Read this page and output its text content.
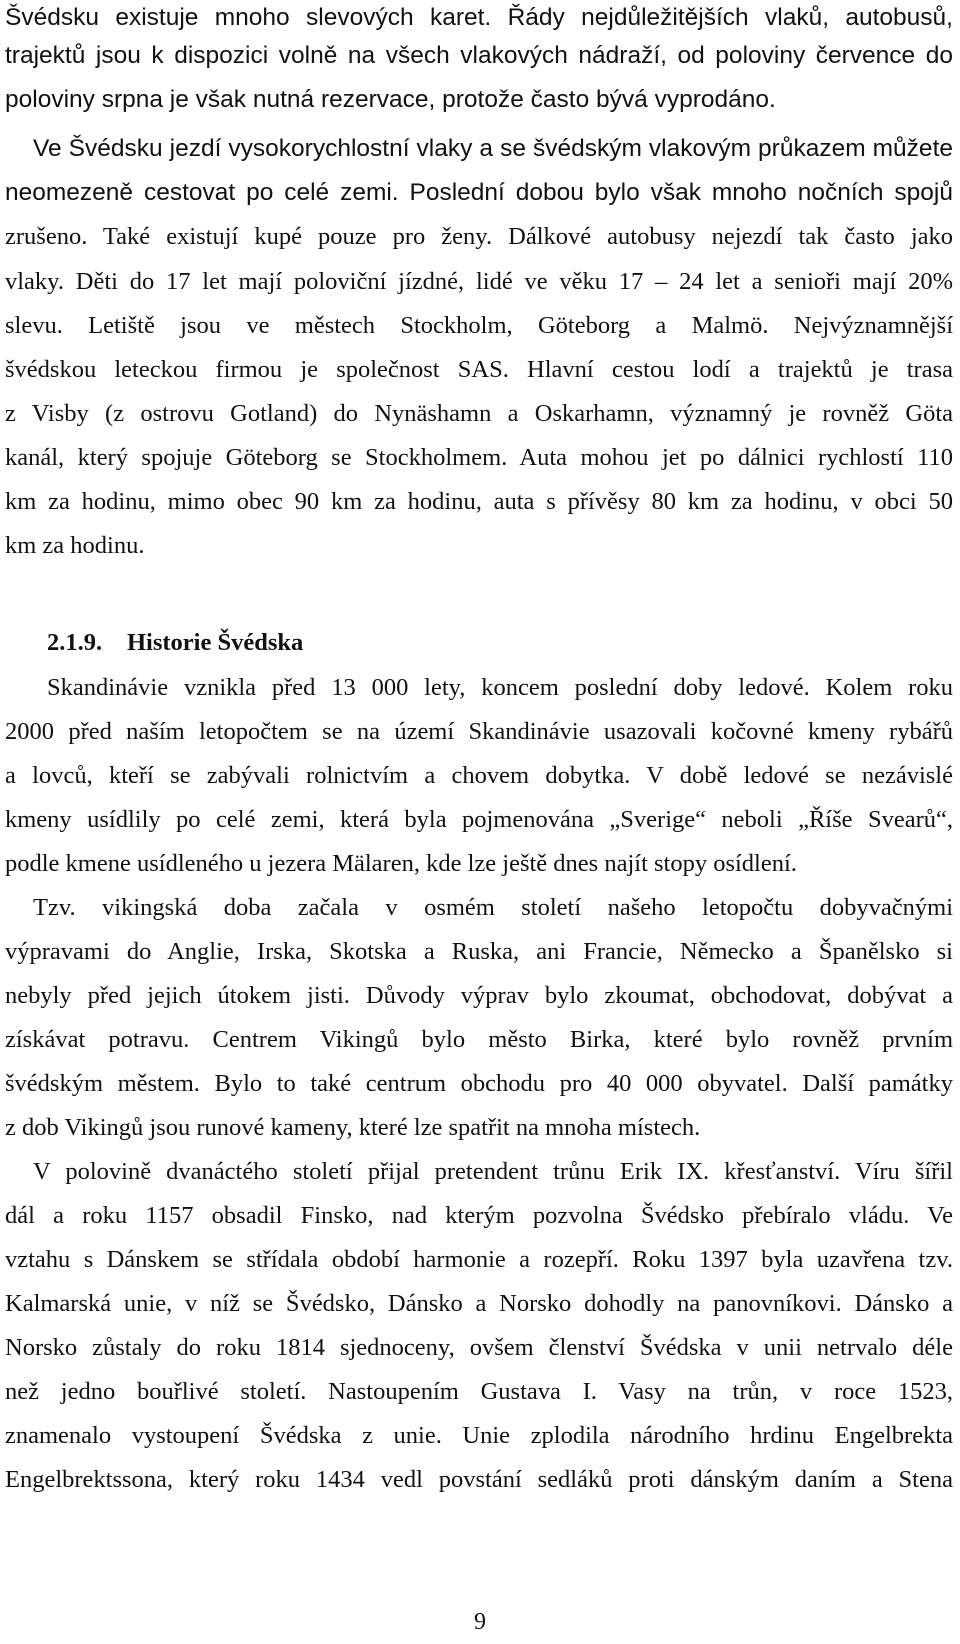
Švédsku existuje mnoho slevových karet. Řády nejdůležitějších vlaků, autobusů,
trajektů jsou k dispozici volně na všech vlakových nádraží, od poloviny července do
poloviny srpna je však nutná rezervace, protože často bývá vyprodáno.
Ve Švédsku jezdí vysokorychlostní vlaky a se švédským vlakovým průkazem můžete
neomezeně cestovat po celé zemi. Poslední dobou bylo však mnoho nočních spojů
zrušeno. Také existují kupé pouze pro ženy. Dálkové autobusy nejezdí tak často jako
vlaky. Děti do 17 let mají poloviční jízdné, lidé ve věku 17 – 24 let a senioři mají 20%
slevu. Letiště jsou ve městech Stockholm, Göteborg a Malmö. Nejvýznamnější
švédskou leteckou firmou je společnost SAS. Hlavní cestou lodí a trajektů je trasa
z Visby (z ostrovu Gotland) do Nynäshamn a Oskarhamn, významný je rovněž Göta
kanál, který spojuje Göteborg se Stockholmem. Auta mohou jet po dálnici rychlostí 110
km za hodinu, mimo obec 90 km za hodinu, auta s přívěsy 80 km za hodinu, v obci 50
km za hodinu.
2.1.9. Historie Švédska
Skandinávie vznikla před 13 000 lety, koncem poslední doby ledové. Kolem roku
2000 před naším letopočtem se na území Skandinávie usazovali kočovné kmeny rybářů
a lovců, kteří se zabývali rolnictvím a chovem dobytka. V době ledové se nezávislé
kmeny usídlily po celé zemi, která byla pojmenována „Sverige“ neboli „Říše Svearů“,
podle kmene usídleného u jezera Mälaren, kde lze ještě dnes najít stopy osídlení.
Tzv. vikingská doba začala v osmém století našeho letopočtu dobyvačnými
výpravami do Anglie, Irska, Skotska a Ruska, ani Francie, Německo a Španělsko si
nebyly před jejich útokem jisti. Důvody výprav bylo zkoumat, obchodovat, dobývat a
získávat potravu. Centrem Vikingů bylo město Birka, které bylo rovněž prvním
švédským městem. Bylo to také centrum obchodu pro 40 000 obyvatel. Další památky
z dob Vikingů jsou runové kameny, které lze spatřit na mnoha místech.
V polovině dvanáctého století přijal pretendent trůnu Erik IX. křesťanství. Víru šířil
dál a roku 1157 obsadil Finsko, nad kterým pozvolna Švédsko přebíralo vládu. Ve
vztahu s Dánskem se střídala období harmonie a rozepří. Roku 1397 byla uzavřena tzv.
Kalmarská unie, v níž se Švédsko, Dánsko a Norsko dohodly na panovníkovi. Dánsko a
Norsko zůstaly do roku 1814 sjednoceny, ovšem členství Švédska v unii netrvalo déle
než jedno bouřlivé století. Nastoupením Gustava I. Vasy na trůn, v roce 1523,
znamenalo vystoupení Švédska z unie. Unie zplodila národního hrdinu Engelbrekta
Engelbrektssona, který roku 1434 vedl povstání sedláků proti dánským daním a Stena
9
